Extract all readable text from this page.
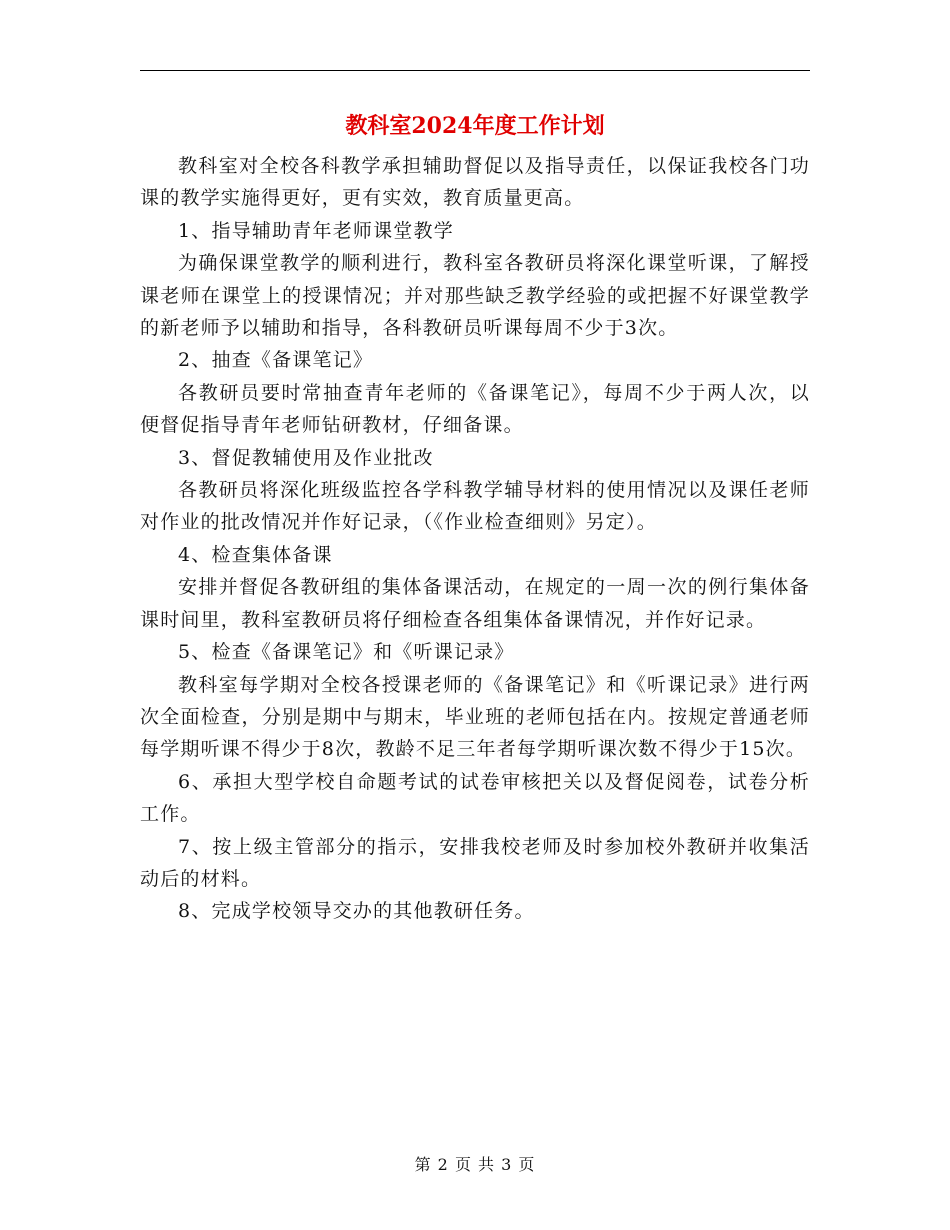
教科室2024年度工作计划

教科室对全校各科教学承担辅助督促以及指导责任，以保证我校各门功课的教学实施得更好，更有实效，教育质量更高。

1、指导辅助青年老师课堂教学

为确保课堂教学的顺利进行，教科室各教研员将深化课堂听课，了解授课老师在课堂上的授课情况；并对那些缺乏教学经验的或把握不好课堂教学的新老师予以辅助和指导，各科教研员听课每周不少于3次。

2、抽查《备课笔记》

各教研员要时常抽查青年老师的《备课笔记》，每周不少于两人次，以便督促指导青年老师钻研教材，仔细备课。

3、督促教辅使用及作业批改

各教研员将深化班级监控各学科教学辅导材料的使用情况以及课任老师对作业的批改情况并作好记录，（《作业检查细则》另定）。

4、检查集体备课

安排并督促各教研组的集体备课活动，在规定的一周一次的例行集体备课时间里，教科室教研员将仔细检查各组集体备课情况，并作好记录。

5、检查《备课笔记》和《听课记录》

教科室每学期对全校各授课老师的《备课笔记》和《听课记录》进行两次全面检查，分别是期中与期末，毕业班的老师包括在内。按规定普通老师每学期听课不得少于8次，教龄不足三年者每学期听课次数不得少于15次。

6、承担大型学校自命题考试的试卷审核把关以及督促阅卷，试卷分析工作。

7、按上级主管部分的指示，安排我校老师及时参加校外教研并收集活动后的材料。

8、完成学校领导交办的其他教研任务。

第 2 页 共 3 页
